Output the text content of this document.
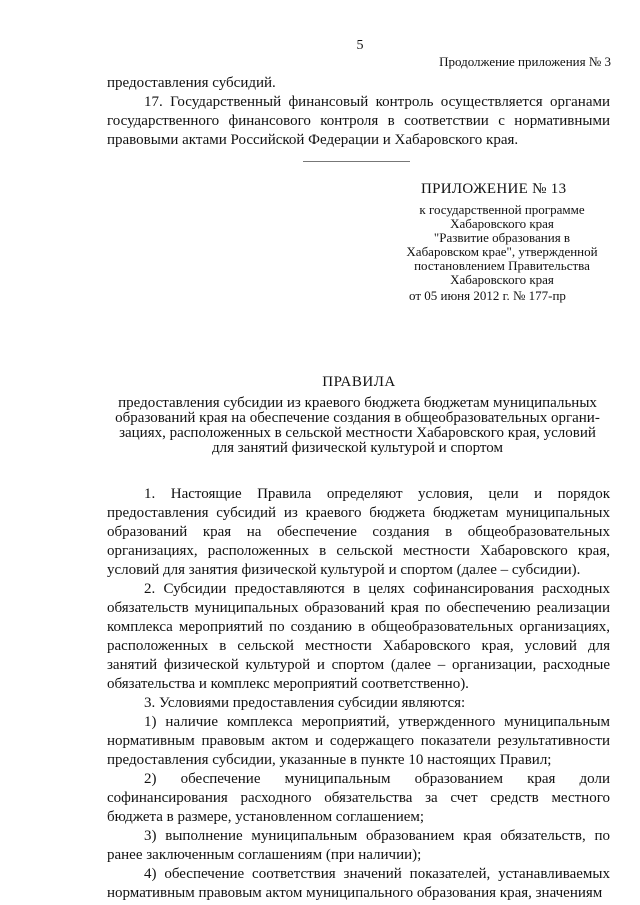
5
Продолжение приложения № 3

предоставления субсидий.

17. Государственный финансовый контроль осуществляется органами государственного финансового контроля в соответствии с нормативными правовыми актами Российской Федерации и Хабаровского края.

ПРИЛОЖЕНИЕ № 13
к государственной программе
Хабаровского края
"Развитие образования в
Хабаровском крае", утвержденной
постановлением Правительства
Хабаровского края
от 05 июня 2012 г. № 177-пр
ПРАВИЛА
предоставления субсидии из краевого бюджета бюджетам муниципальных
образований края на обеспечение создания в общеобразовательных органи-
зациях, расположенных в сельской местности Хабаровского края, условий
для занятий физической культурой и спортом

1. Настоящие Правила определяют условия, цели и порядок предоставления субсидий из краевого бюджета бюджетам муниципальных образований края на обеспечение создания в общеобразовательных организациях, расположенных в сельской местности Хабаровского края, условий для занятия физической культурой и спортом (далее – субсидии).

2. Субсидии предоставляются в целях софинансирования расходных обязательств муниципальных образований края по обеспечению реализации комплекса мероприятий по созданию в общеобразовательных организациях, расположенных в сельской местности Хабаровского края, условий для занятий физической культурой и спортом (далее – организации, расходные обязательства и комплекс мероприятий соответственно).

3. Условиями предоставления субсидии являются:

1) наличие комплекса мероприятий, утвержденного муниципальным нормативным правовым актом и содержащего показатели результативности предоставления субсидии, указанные в пункте 10 настоящих Правил;

2) обеспечение муниципальным образованием края доли софинансирования расходного обязательства за счет средств местного бюджета в размере, установленном соглашением;

3) выполнение муниципальным образованием края обязательств, по ранее заключенным соглашениям (при наличии);

4) обеспечение соответствия значений показателей, устанавливаемых нормативным правовым актом муниципального образования края, значениям
